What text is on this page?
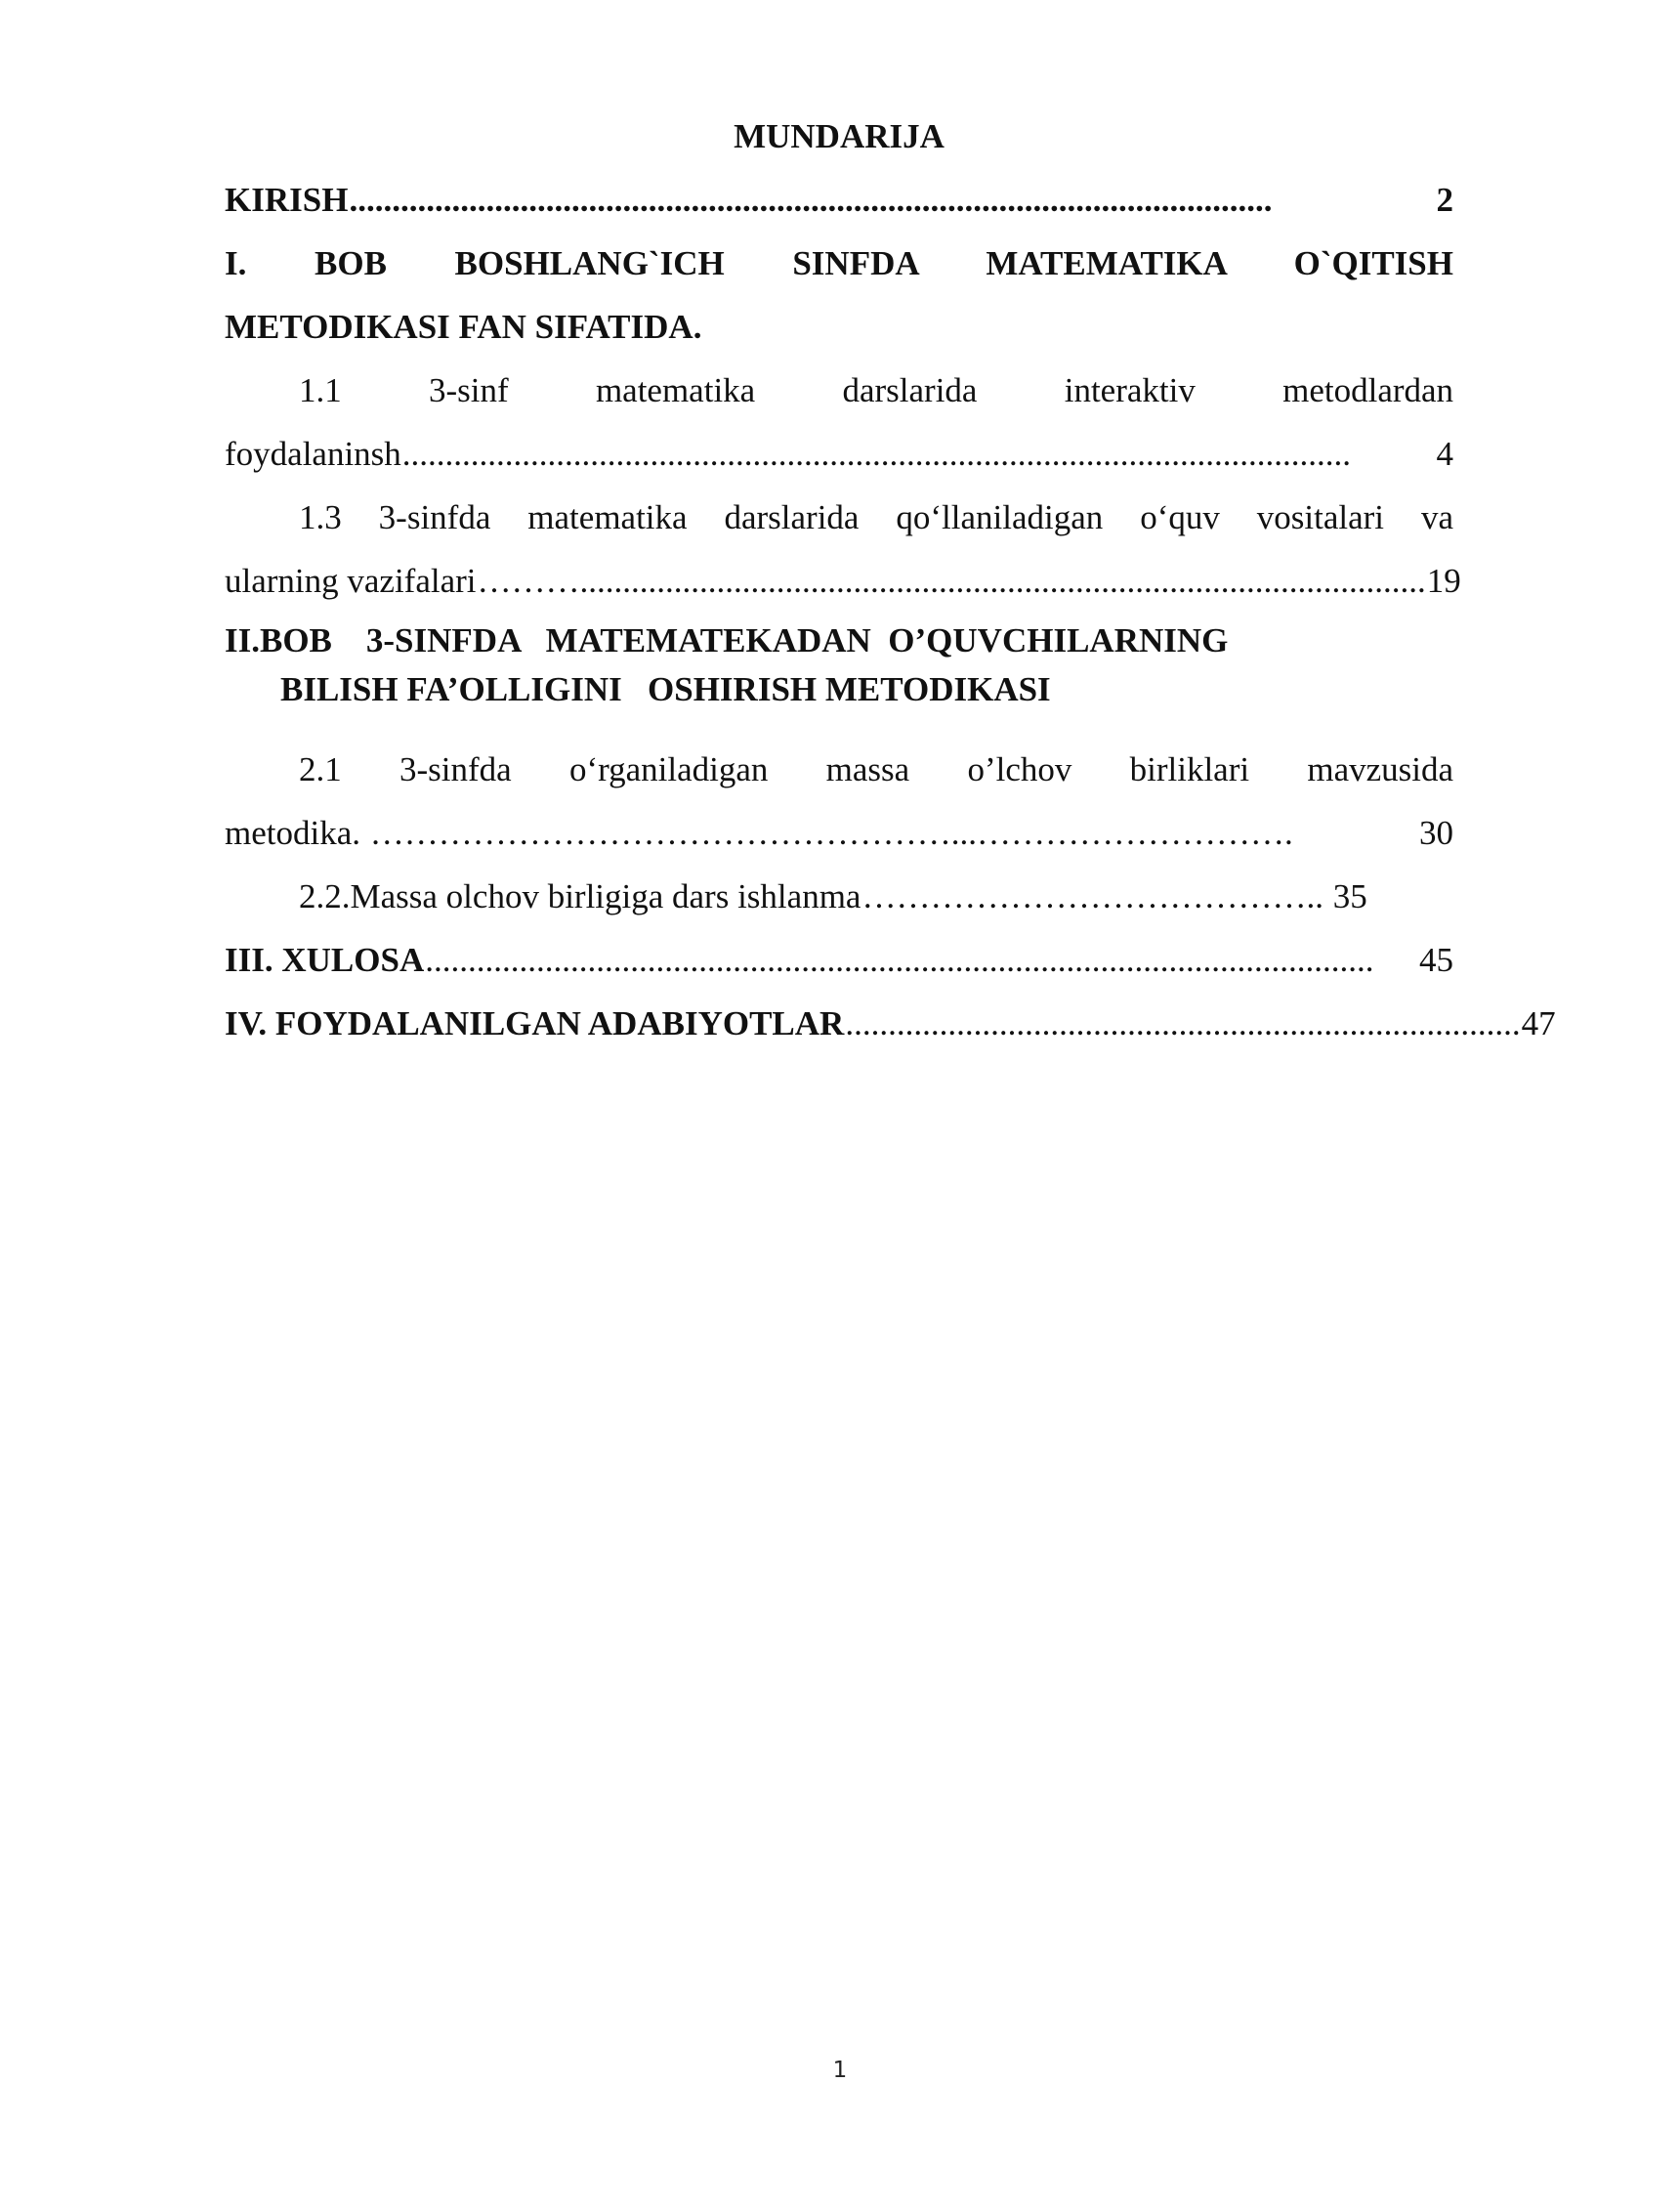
MUNDARIJA

KIRISH ............................................................................................................	2
I. BOB BOSHLANG`ICH SINFDA MATEMATIKA O`QITISH
METODIKASI FAN SIFATIDA.
1.1	3-sinf	matematika	darslarida	interaktiv	metodlardan
foydalaninsh ...............................................................................................................	4
1.3 3-sinfda matematika darslarida qo‘llaniladigan o‘quv vositalari va
ularning vazifalari ………................................................................................................... 19
II.BOB    3-SINFDA   MATEMATEKADAN  O’QUVCHILARNING
BILISH FA’OLLIGINI   OSHIRISH METODIKASI
2.1 3-sinfda o‘rganiladigan massa o’lchov birliklari mavzusida
metodika. ……………………………………………...……………………….	30
2.2.Massa olchov birligiga dars ishlanma ………………………………….. 35
III. XULOSA ...............................................................................................................	45
IV. FOYDALANILGAN ADABIYOTLAR ............................................................................... 47
1
